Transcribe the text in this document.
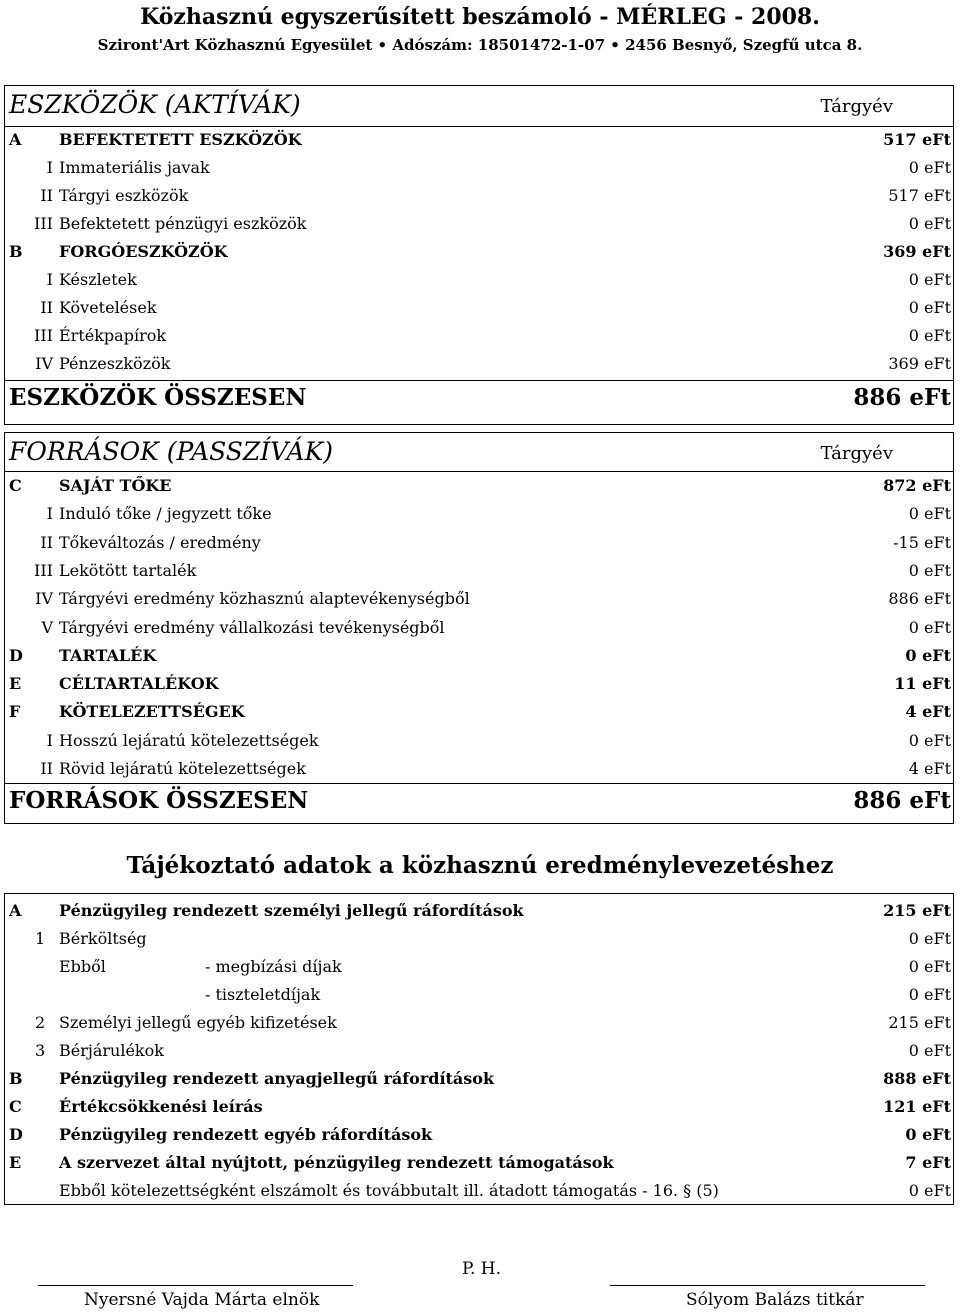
Közhasznú egyszerűsített beszámoló - MÉRLEG - 2008.
Sziront'Art Közhasznú Egyesület • Adószám: 18501472-1-07 • 2456 Besnyő, Szegfű utca 8.
ESZKÖZÖK (AKTÍVÁK)	Tárgyév
A	BEFEKTETETT ESZKÖZÖK	517 eFt
I Immateriális javak	0 eFt
II Tárgyi eszközök	517 eFt
III Befektetett pénzügyi eszközök	0 eFt
B	FORGÓESZKÖZÖK	369 eFt
I Készletek	0 eFt
II Követelések	0 eFt
III Értékpapírok	0 eFt
IV Pénzeszközök	369 eFt
ESZKÖZÖK ÖSSZESEN	886 eFt
FORRÁSOK (PASSZÍVÁK)	Tárgyév
C	SAJÁT TŐKE	872 eFt
I Induló tőke / jegyzett tőke	0 eFt
II Tőkeváltozás / eredmény	-15 eFt
III Lekötött tartalék	0 eFt
IV Tárgyévi eredmény közhasznú alaptevékenységből	886 eFt
V Tárgyévi eredmény vállalkozási tevékenységből	0 eFt
D	TARTALÉK	0 eFt
E	CÉLTARTALÉKOK	11 eFt
F	KÖTELEZETTSÉGEK	4 eFt
I Hosszú lejáratú kötelezettségek	0 eFt
II Rövid lejáratú kötelezettségek	4 eFt
FORRÁSOK ÖSSZESEN	886 eFt
Tájékoztató adatok a közhasznú eredménylevezetéshez
A	Pénzügyileg rendezett személyi jellegű ráfordítások	215 eFt
1 Bérköltség	0 eFt
Ebből	- megbízási díjak	0 eFt
- tiszteletdíjak	0 eFt
2 Személyi jellegű egyéb kifizetések	215 eFt
3 Bérjárulékok	0 eFt
B	Pénzügyileg rendezett anyagjellegű ráfordítások	888 eFt
C	Értékcsökkenési leírás	121 eFt
D	Pénzügyileg rendezett egyéb ráfordítások	0 eFt
E	A szervezet által nyújtott, pénzügyileg rendezett támogatások	7 eFt
Ebből kötelezettségként elszámolt és továbbutalt ill. átadott támogatás - 16. § (5)	0 eFt
P. H.
Nyersné Vajda Márta elnök	Sólyom Balázs titkár
